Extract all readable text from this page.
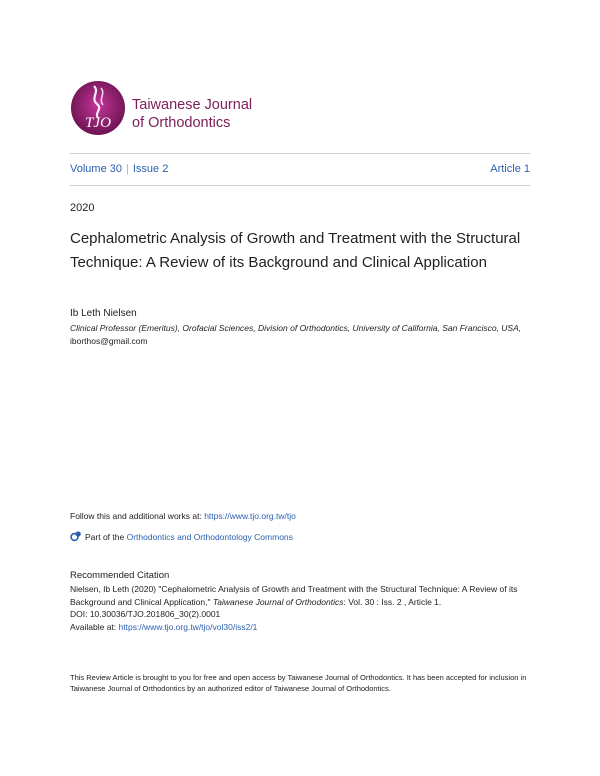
TJO
Taiwanese Journal
of Orthodontics
Volume 30 | Issue 2	Article 1
2020
Cephalometric Analysis of Growth and Treatment with the Structural Technique: A Review of its Background and Clinical Application
Ib Leth Nielsen
Clinical Professor (Emeritus), Orofacial Sciences, Division of Orthodontics, University of California, San Francisco, USA, iborthos@gmail.com
Follow this and additional works at: https://www.tjo.org.tw/tjo
Part of the Orthodontics and Orthodontology Commons
Recommended Citation
Nielsen, Ib Leth (2020) "Cephalometric Analysis of Growth and Treatment with the Structural Technique: A Review of its Background and Clinical Application," Taiwanese Journal of Orthodontics: Vol. 30 : Iss. 2 , Article 1.
DOI: 10.30036/TJO.201806_30(2).0001
Available at: https://www.tjo.org.tw/tjo/vol30/iss2/1
This Review Article is brought to you for free and open access by Taiwanese Journal of Orthodontics. It has been accepted for inclusion in Taiwanese Journal of Orthodontics by an authorized editor of Taiwanese Journal of Orthodontics.
